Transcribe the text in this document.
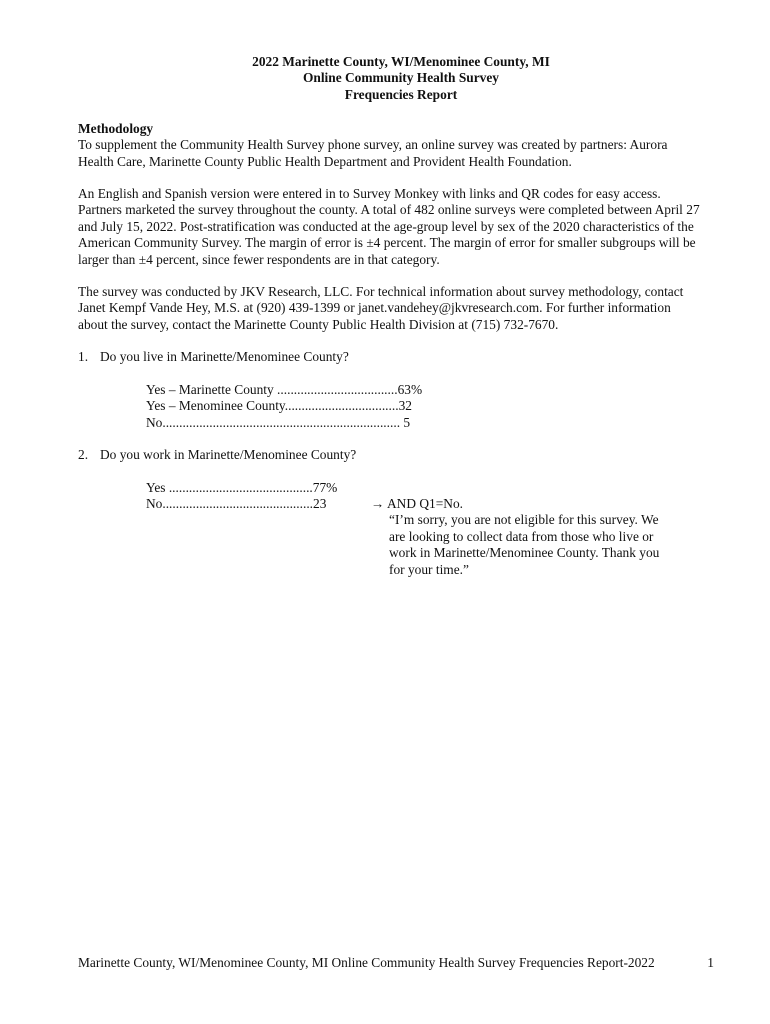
2022 Marinette County, WI/Menominee County, MI
Online Community Health Survey
Frequencies Report
Methodology
To supplement the Community Health Survey phone survey, an online survey was created by partners: Aurora
Health Care, Marinette County Public Health Department and Provident Health Foundation.
An English and Spanish version were entered in to Survey Monkey with links and QR codes for easy access.
Partners marketed the survey throughout the county. A total of 482 online surveys were completed between April 27
and July 15, 2022. Post-stratification was conducted at the age-group level by sex of the 2020 characteristics of the
American Community Survey. The margin of error is ±4 percent. The margin of error for smaller subgroups will be
larger than ±4 percent, since fewer respondents are in that category.
The survey was conducted by JKV Research, LLC. For technical information about survey methodology, contact
Janet Kempf Vande Hey, M.S. at (920) 439-1399 or janet.vandehey@jkvresearch.com. For further information
about the survey, contact the Marinette County Public Health Division at (715) 732-7670.
1. Do you live in Marinette/Menominee County?
Yes – Marinette County ....................................63%
Yes – Menominee County..................................32
No....................................................................... 5
2. Do you work in Marinette/Menominee County?
Yes ...........................................77%
No.............................................23	→ AND Q1=No.
“I’m sorry, you are not eligible for this survey. We
are looking to collect data from those who live or
work in Marinette/Menominee County. Thank you
for your time.”
Marinette County, WI/Menominee County, MI Online Community Health Survey Frequencies Report-2022	1
